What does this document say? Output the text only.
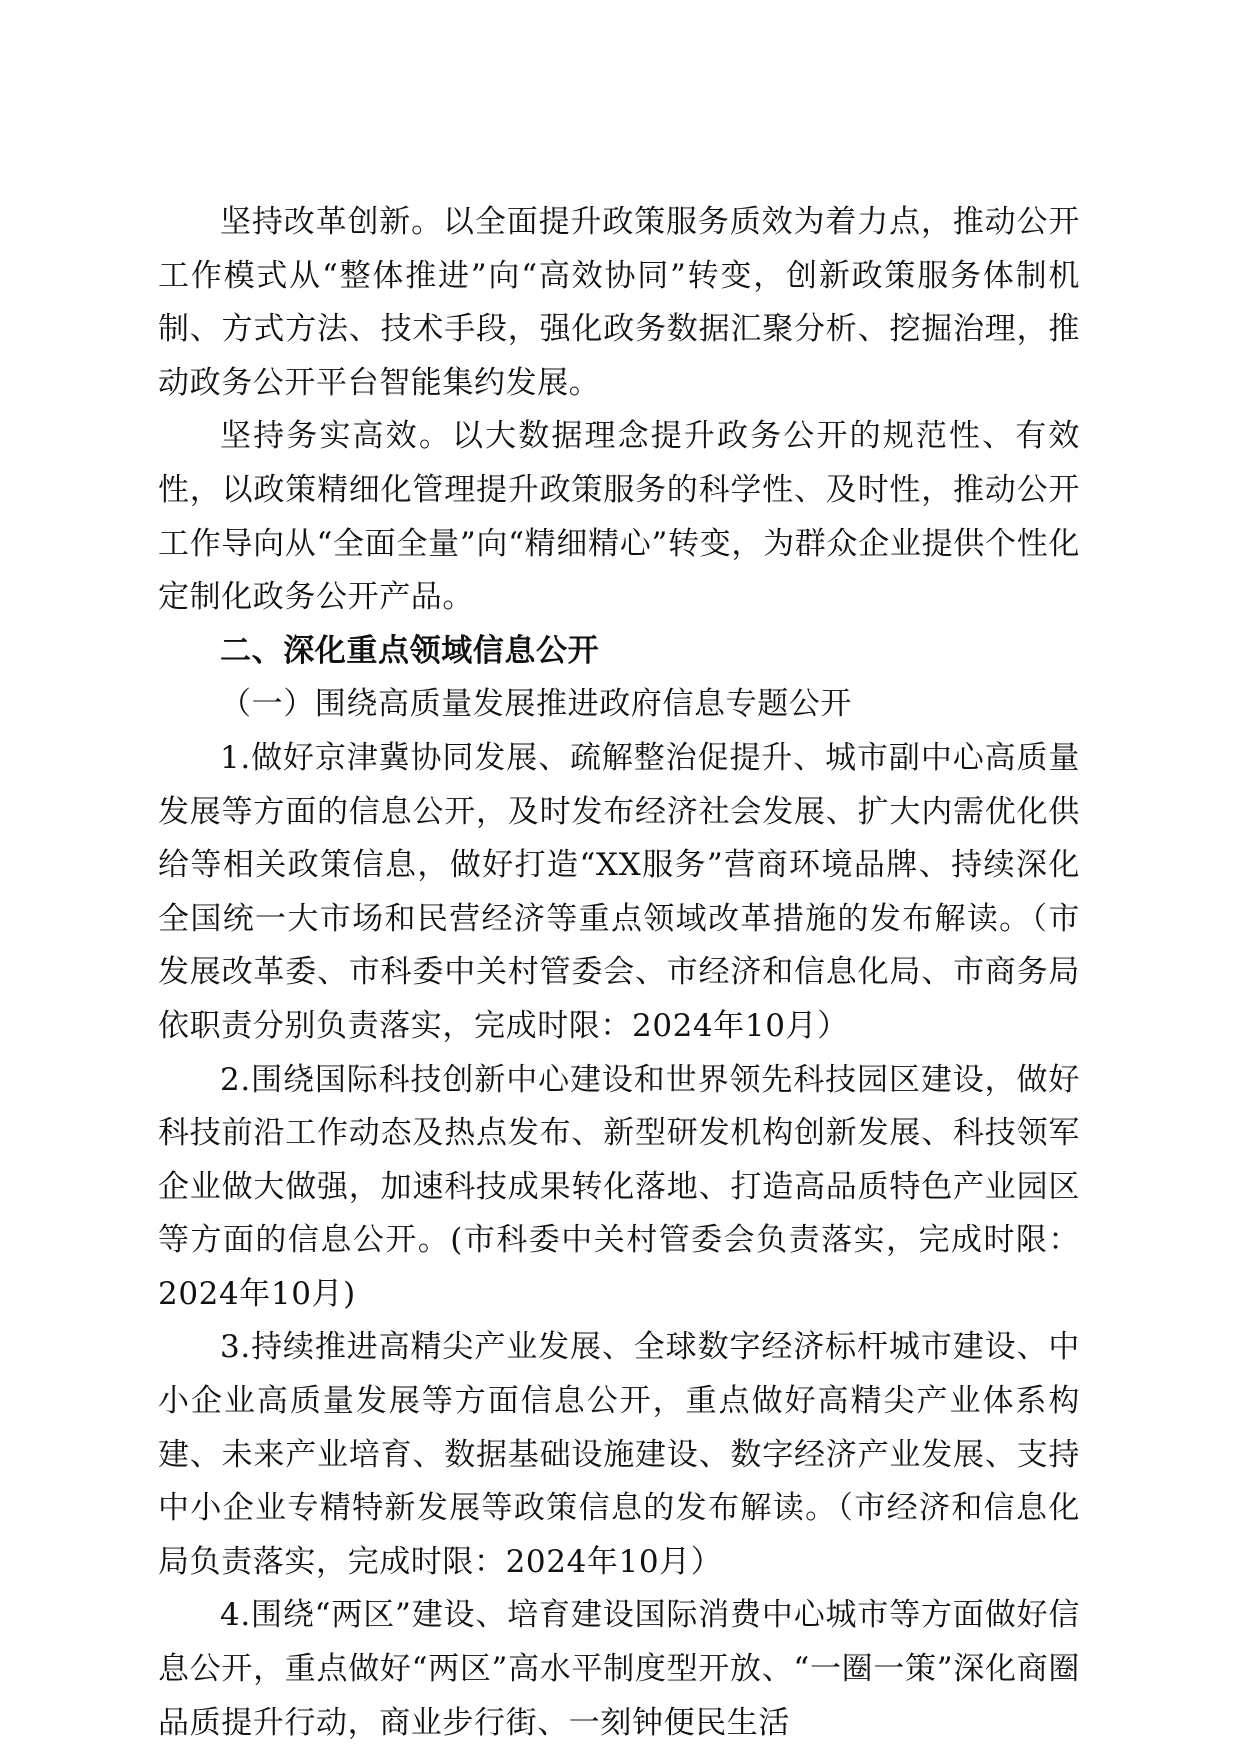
坚持改革创新。以全面提升政策服务质效为着力点，推动公开工作模式从“整体推进”向“高效协同”转变，创新政策服务体制机制、方式方法、技术手段，强化政务数据汇聚分析、挖掘治理，推动政务公开平台智能集约发展。

坚持务实高效。以大数据理念提升政务公开的规范性、有效性，以政策精细化管理提升政策服务的科学性、及时性，推动公开工作导向从“全面全量”向“精细精心”转变，为群众企业提供个性化定制化政务公开产品。

二、深化重点领域信息公开

（一）围绕高质量发展推进政府信息专题公开

1.做好京津冀协同发展、疏解整治促提升、城市副中心高质量发展等方面的信息公开，及时发布经济社会发展、扩大内需优化供给等相关政策信息，做好打造“XX服务”营商环境品牌、持续深化全国统一大市场和民营经济等重点领域改革措施的发布解读。（市发展改革委、市科委中关村管委会、市经济和信息化局、市商务局依职责分别负责落实，完成时限：2024年10月）

2.围绕国际科技创新中心建设和世界领先科技园区建设，做好科技前沿工作动态及热点发布、新型研发机构创新发展、科技领军企业做大做强，加速科技成果转化落地、打造高品质特色产业园区等方面的信息公开。(市科委中关村管委会负责落实，完成时限：2024年10月)

3.持续推进高精尖产业发展、全球数字经济标杆城市建设、中小企业高质量发展等方面信息公开，重点做好高精尖产业体系构建、未来产业培育、数据基础设施建设、数字经济产业发展、支持中小企业专精特新发展等政策信息的发布解读。（市经济和信息化局负责落实，完成时限：2024年10月）

4.围绕“两区”建设、培育建设国际消费中心城市等方面做好信息公开，重点做好“两区”高水平制度型开放、“一圈一策”深化商圈品质提升行动，商业步行街、一刻钟便民生活
